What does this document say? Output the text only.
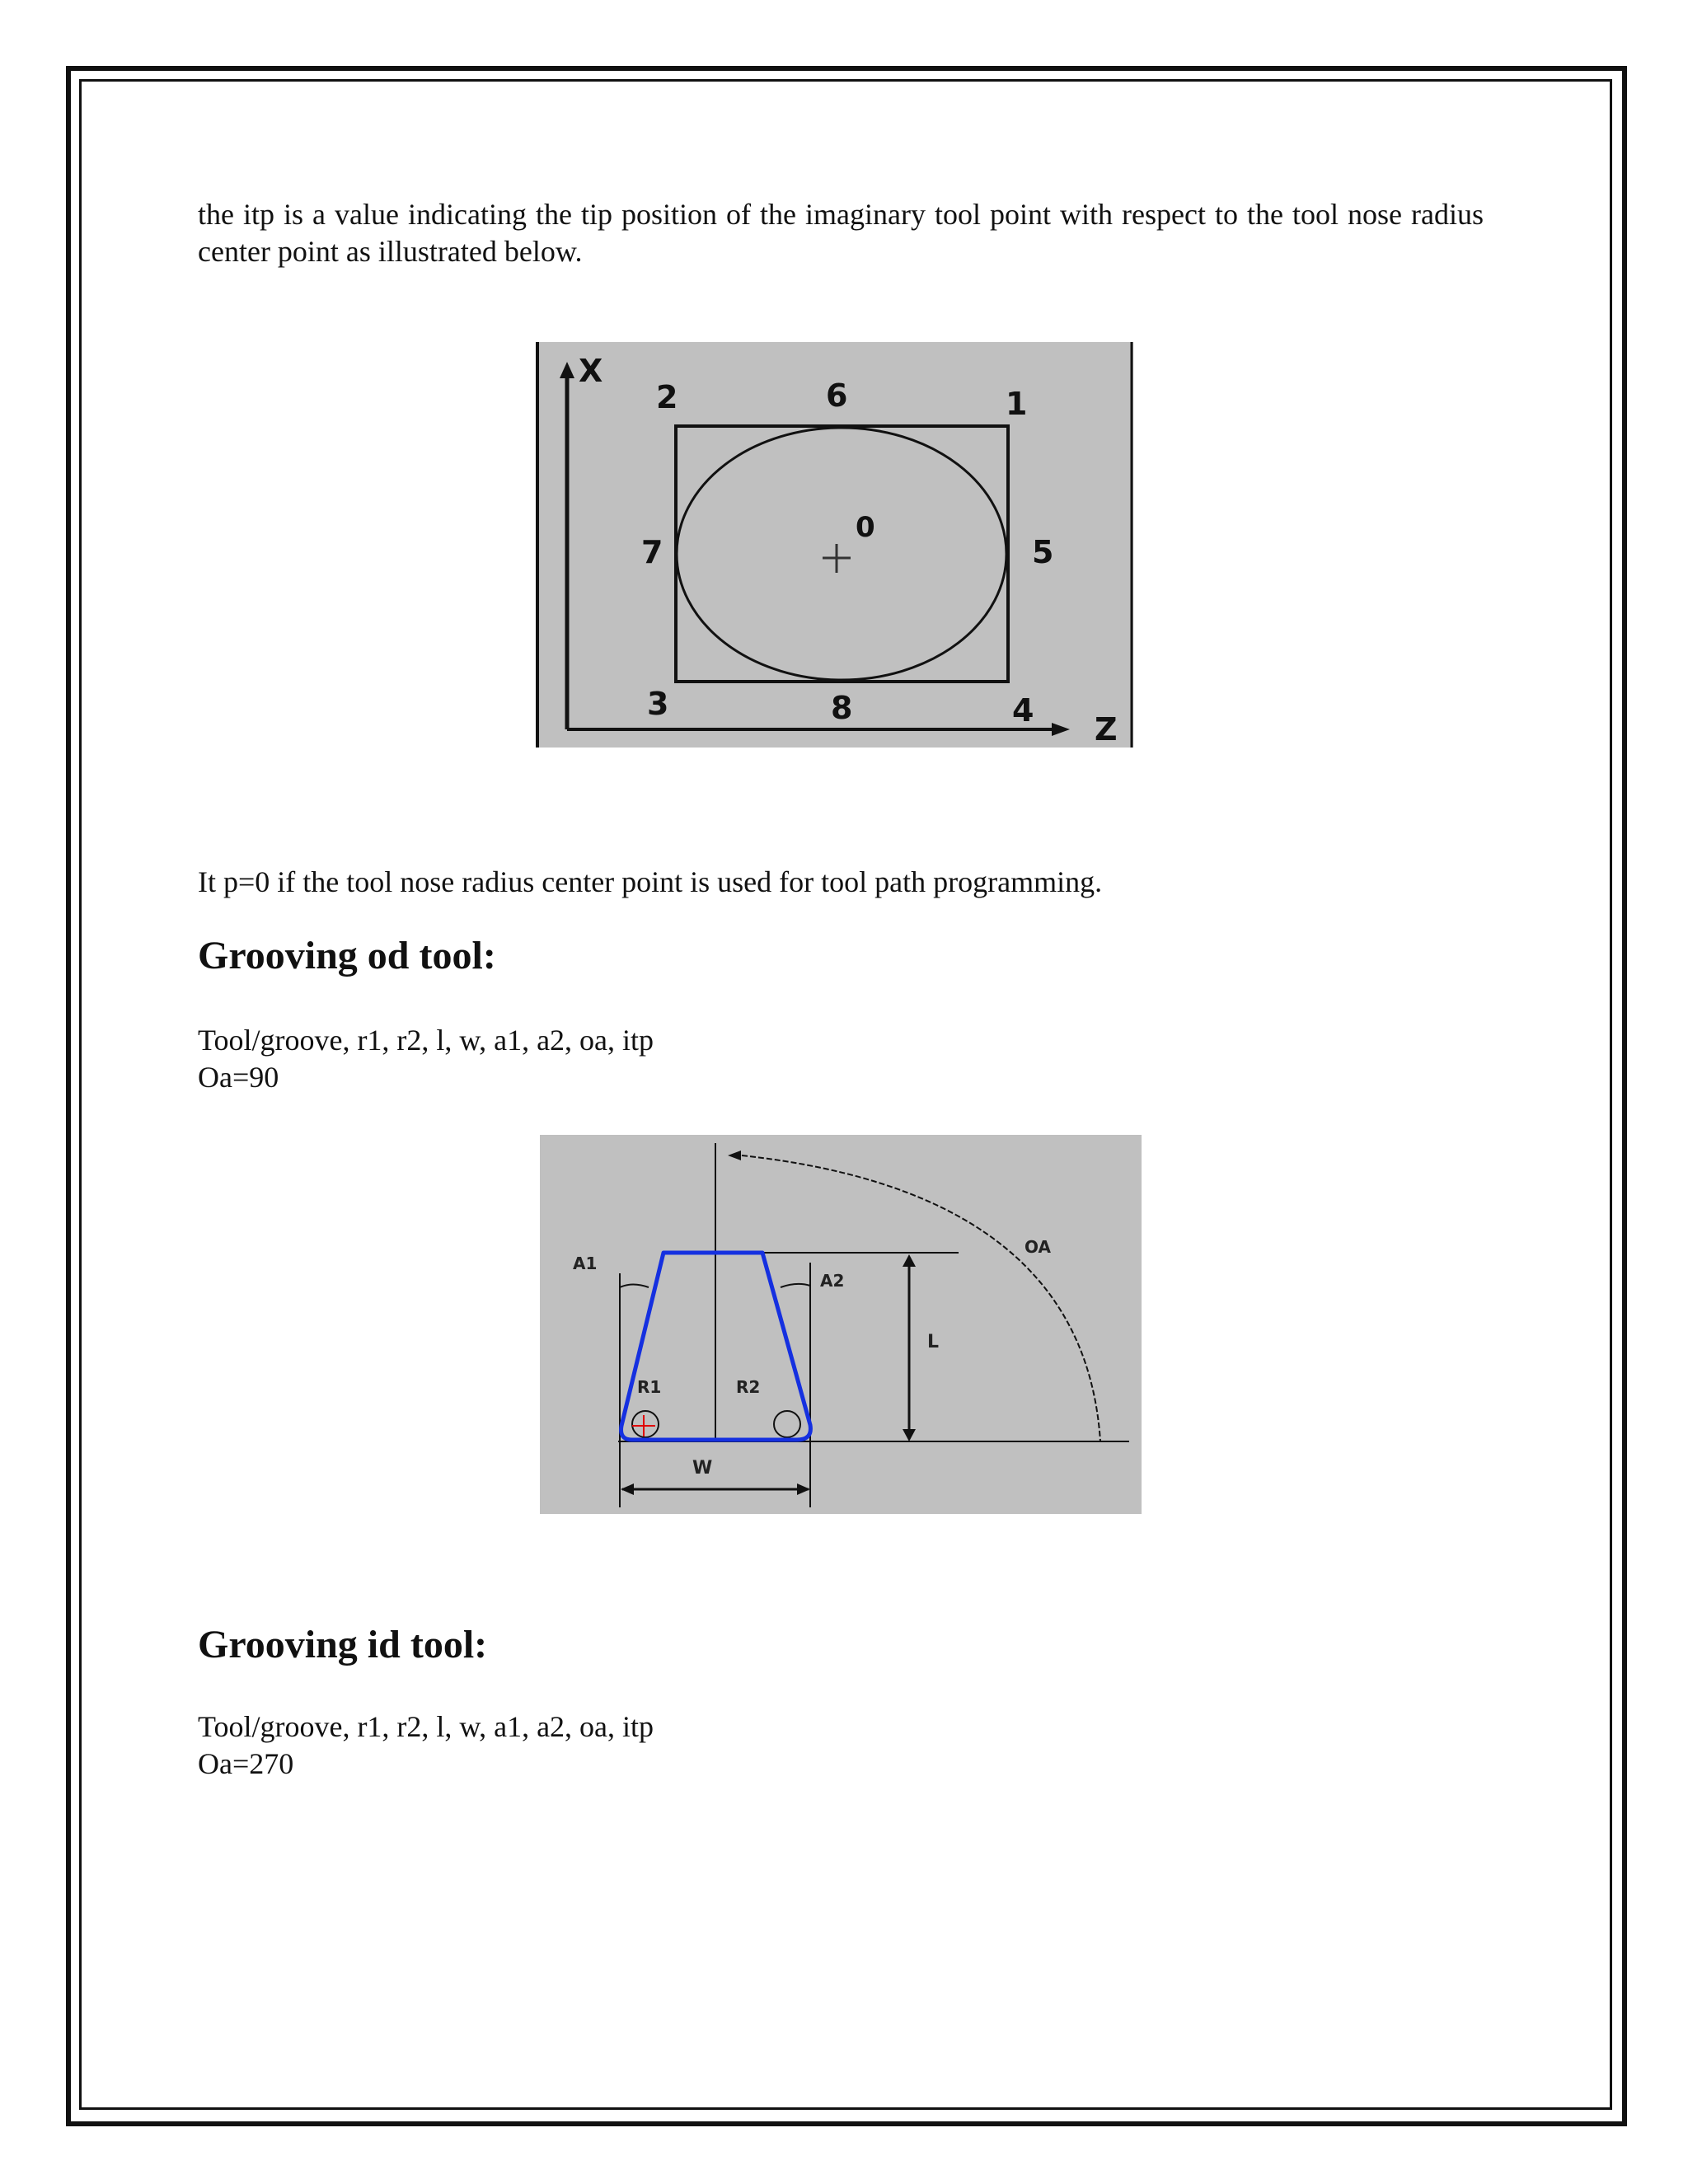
the itp is a value indicating the tip position of the imaginary tool point with respect to the tool nose radius center point as illustrated below.

X
Z
0
1
2
3	4
5
6
7
8

It p=0 if the tool nose radius center point is used for tool path programming.

Grooving od tool:

Tool/groove, r1, r2, l, w, a1, a2, oa, itp

Oa=90

OA
L
W
A1
A2
R1	R2
Grooving id tool:

Tool/groove, r1, r2, l, w, a1, a2, oa, itp

Oa=270
